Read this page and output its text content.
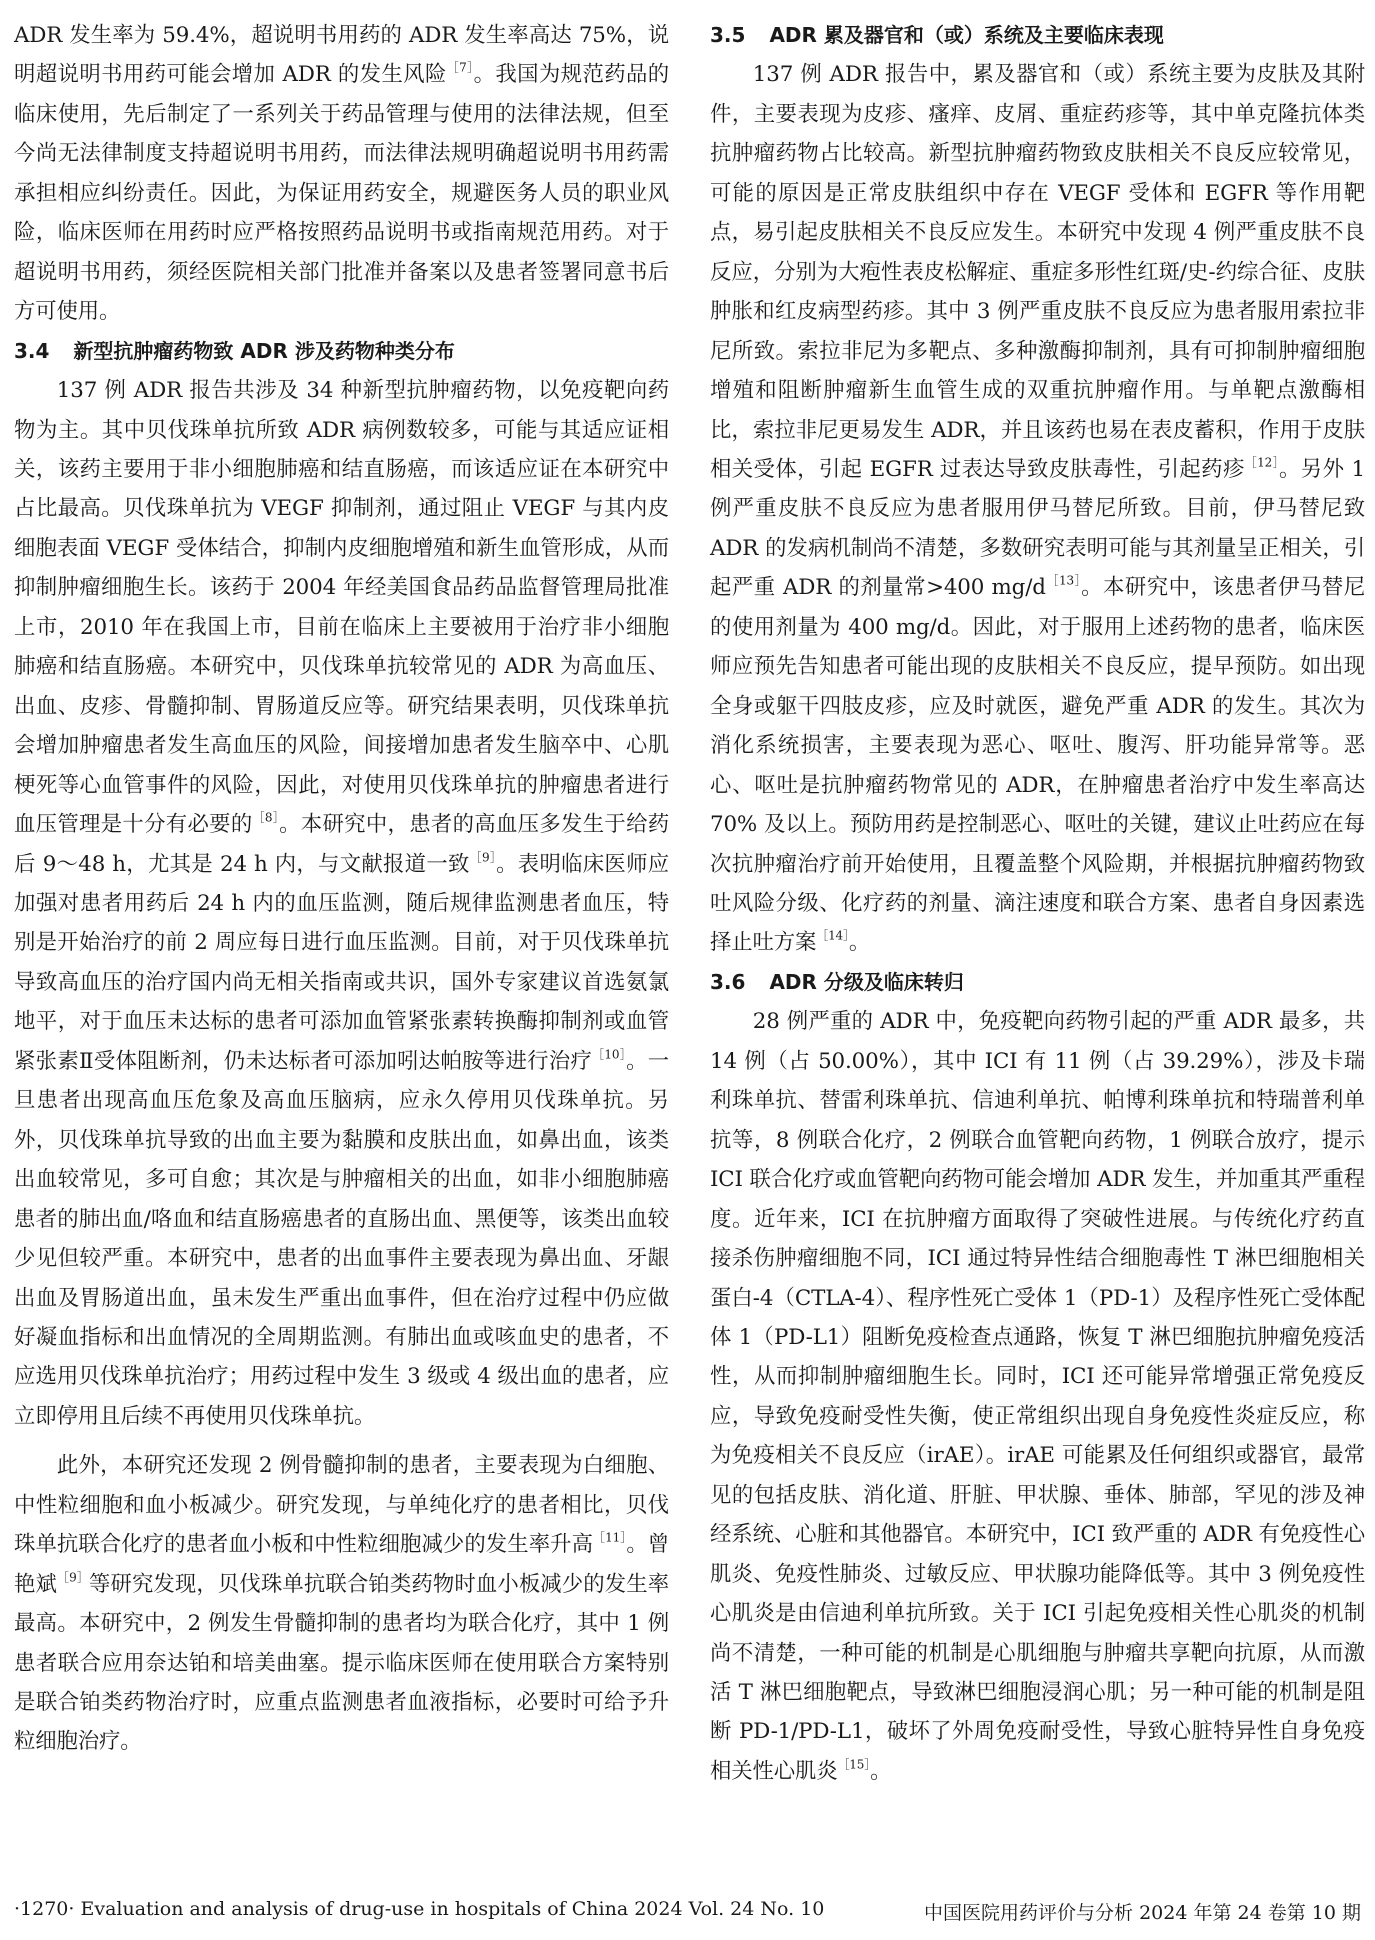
ADR 发生率为 59.4%，超说明书用药的 ADR 发生率高达 75%，说明超说明书用药可能会增加 ADR 的发生风险$^{[7]}$。我国为规范药品的临床使用，先后制定了一系列关于药品管理与使用的法律法规，但至今尚无法律制度支持超说明书用药，而法律法规明确超说明书用药需承担相应纠纷责任。因此，为保证用药安全，规避医务人员的职业风险，临床医师在用药时应严格按照药品说明书或指南规范用药。对于超说明书用药，须经医院相关部门批准并备案以及患者签署同意书后方可使用。

3.4 新型抗肿瘤药物致 ADR 涉及药物种类分布

137 例 ADR 报告共涉及 34 种新型抗肿瘤药物，以免疫靶向药物为主。其中贝伐珠单抗所致 ADR 病例数较多，可能与其适应证相关，该药主要用于非小细胞肺癌和结直肠癌，而该适应证在本研究中占比最高。贝伐珠单抗为 VEGF 抑制剂，通过阻止 VEGF 与其内皮细胞表面 VEGF 受体结合，抑制内皮细胞增殖和新生血管形成，从而抑制肿瘤细胞生长。该药于 2004 年经美国食品药品监督管理局批准上市，2010 年在我国上市，目前在临床上主要被用于治疗非小细胞肺癌和结直肠癌。本研究中，贝伐珠单抗较常见的 ADR 为高血压、出血、皮疹、骨髓抑制、胃肠道反应等。研究结果表明，贝伐珠单抗会增加肿瘤患者发生高血压的风险，间接增加患者发生脑卒中、心肌梗死等心血管事件的风险，因此，对使用贝伐珠单抗的肿瘤患者进行血压管理是十分有必要的$^{[8]}$。本研究中，患者的高血压多发生于给药后 9～48 h，尤其是 24 h 内，与文献报道一致$^{[9]}$。表明临床医师应加强对患者用药后 24 h 内的血压监测，随后规律监测患者血压，特别是开始治疗的前 2 周应每日进行血压监测。目前，对于贝伐珠单抗导致高血压的治疗国内尚无相关指南或共识，国外专家建议首选氨氯地平，对于血压未达标的患者可添加血管紧张素转换酶抑制剂或血管紧张素Ⅱ受体阻断剂，仍未达标者可添加吲达帕胺等进行治疗$^{[10]}$。一旦患者出现高血压危象及高血压脑病，应永久停用贝伐珠单抗。另外，贝伐珠单抗导致的出血主要为黏膜和皮肤出血，如鼻出血，该类出血较常见，多可自愈；其次是与肿瘤相关的出血，如非小细胞肺癌患者的肺出血/咯血和结直肠癌患者的直肠出血、黑便等，该类出血较少见但较严重。本研究中，患者的出血事件主要表现为鼻出血、牙龈出血及胃肠道出血，虽未发生严重出血事件，但在治疗过程中仍应做好凝血指标和出血情况的全周期监测。有肺出血或咳血史的患者，不应选用贝伐珠单抗治疗；用药过程中发生 3 级或 4 级出血的患者，应立即停用且后续不再使用贝伐珠单抗。

此外，本研究还发现 2 例骨髓抑制的患者，主要表现为白细胞、中性粒细胞和血小板减少。研究发现，与单纯化疗的患者相比，贝伐珠单抗联合化疗的患者血小板和中性粒细胞减少的发生率升高$^{[11]}$。曾艳斌$^{[9]}$等研究发现，贝伐珠单抗联合铂类药物时血小板减少的发生率最高。本研究中，2 例发生骨髓抑制的患者均为联合化疗，其中 1 例患者联合应用奈达铂和培美曲塞。提示临床医师在使用联合方案特别是联合铂类药物治疗时，应重点监测患者血液指标，必要时可给予升粒细胞治疗。

3.5 ADR 累及器官和（或）系统及主要临床表现

137 例 ADR 报告中，累及器官和（或）系统主要为皮肤及其附件，主要表现为皮疹、瘙痒、皮屑、重症药疹等，其中单克隆抗体类抗肿瘤药物占比较高。新型抗肿瘤药物致皮肤相关不良反应较常见，可能的原因是正常皮肤组织中存在 VEGF 受体和 EGFR 等作用靶点，易引起皮肤相关不良反应发生。本研究中发现 4 例严重皮肤不良反应，分别为大疱性表皮松解症、重症多形性红斑/史-约综合征、皮肤肿胀和红皮病型药疹。其中 3 例严重皮肤不良反应为患者服用索拉非尼所致。索拉非尼为多靶点、多种激酶抑制剂，具有可抑制肿瘤细胞增殖和阻断肿瘤新生血管生成的双重抗肿瘤作用。与单靶点激酶相比，索拉非尼更易发生 ADR，并且该药也易在表皮蓄积，作用于皮肤相关受体，引起 EGFR 过表达导致皮肤毒性，引起药疹$^{[12]}$。另外 1 例严重皮肤不良反应为患者服用伊马替尼所致。目前，伊马替尼致 ADR 的发病机制尚不清楚，多数研究表明可能与其剂量呈正相关，引起严重 ADR 的剂量常>400 $mg/d^{[13]}$。本研究中，该患者伊马替尼的使用剂量为 400 mg/d。因此，对于服用上述药物的患者，临床医师应预先告知患者可能出现的皮肤相关不良反应，提早预防。如出现全身或躯干四肢皮疹，应及时就医，避免严重 ADR 的发生。其次为消化系统损害，主要表现为恶心、呕吐、腹泻、肝功能异常等。恶心、呕吐是抗肿瘤药物常见的 ADR，在肿瘤患者治疗中发生率高达 70% 及以上。预防用药是控制恶心、呕吐的关键，建议止吐药应在每次抗肿瘤治疗前开始使用，且覆盖整个风险期，并根据抗肿瘤药物致吐风险分级、化疗药的剂量、滴注速度和联合方案、患者自身因素选择止吐方案$^{[14]}$。

3.6 ADR 分级及临床转归

28 例严重的 ADR 中，免疫靶向药物引起的严重 ADR 最多，共 14 例（占 50.00%），其中 ICI 有 11 例（占 39.29%），涉及卡瑞利珠单抗、替雷利珠单抗、信迪利单抗、帕博利珠单抗和特瑞普利单抗等，8 例联合化疗，2 例联合血管靶向药物，1 例联合放疗，提示 ICI 联合化疗或血管靶向药物可能会增加 ADR 发生，并加重其严重程度。近年来，ICI 在抗肿瘤方面取得了突破性进展。与传统化疗药直接杀伤肿瘤细胞不同，ICI 通过特异性结合细胞毒性 T 淋巴细胞相关蛋白-4（CTLA-4）、程序性死亡受体 1（PD-1）及程序性死亡受体配体 1（PD-L1）阻断免疫检查点通路，恢复 T 淋巴细胞抗肿瘤免疫活性，从而抑制肿瘤细胞生长。同时，ICI 还可能异常增强正常免疫反应，导致免疫耐受性失衡，使正常组织出现自身免疫性炎症反应，称为免疫相关不良反应（irAE）。irAE 可能累及任何组织或器官，最常见的包括皮肤、消化道、肝脏、甲状腺、垂体、肺部，罕见的涉及神经系统、心脏和其他器官。本研究中，ICI 致严重的 ADR 有免疫性心肌炎、免疫性肺炎、过敏反应、甲状腺功能降低等。其中 3 例免疫性心肌炎是由信迪利单抗所致。关于 ICI 引起免疫相关性心肌炎的机制尚不清楚，一种可能的机制是心肌细胞与肿瘤共享靶向抗原，从而激活 T 淋巴细胞靶点，导致淋巴细胞浸润心肌；另一种可能的机制是阻断 PD-1/PD-L1，破坏了外周免疫耐受性，导致心脏特异性自身免疫相关性心肌炎$^{[15]}$。

·1270· Evaluation and analysis of drug-use in hospitals of China 2024 Vol. 24 No. 10	中国医院用药评价与分析 2024 年第 24 卷第 10 期
